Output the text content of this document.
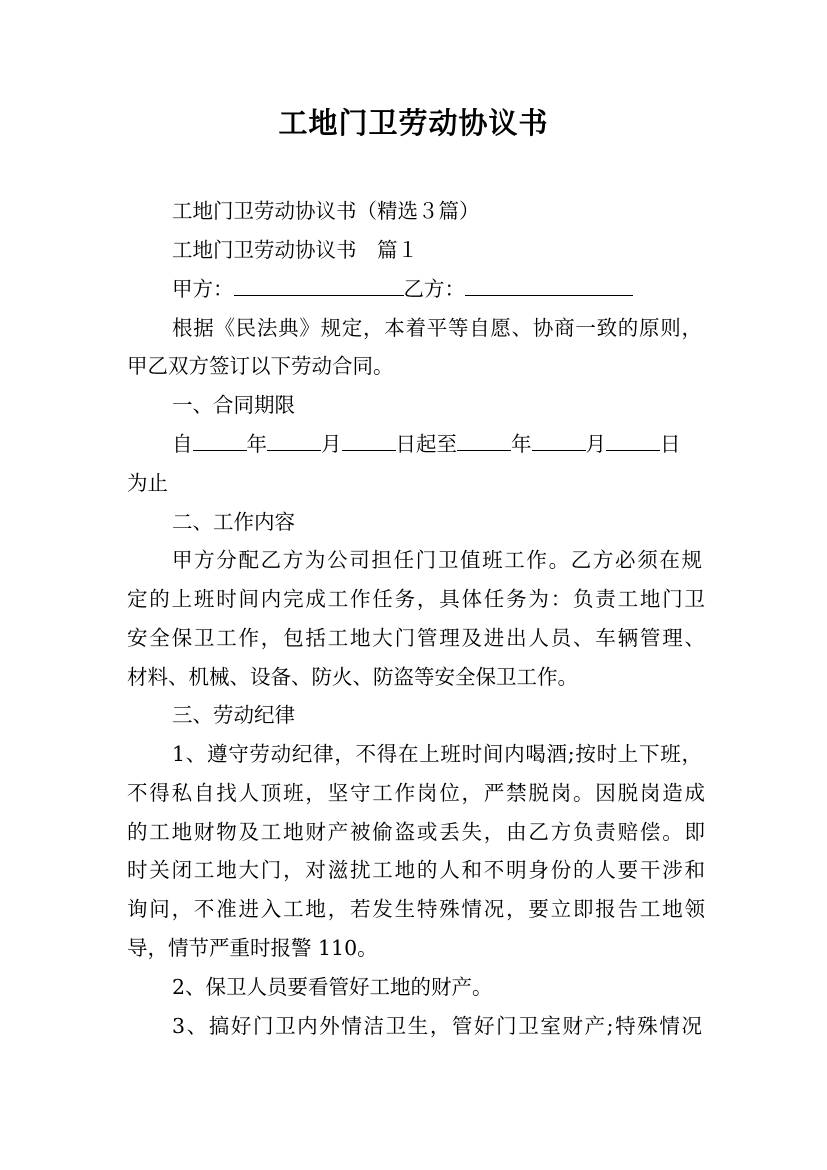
工地门卫劳动协议书
工地门卫劳动协议书（精选３篇）
工地门卫劳动协议书　篇１
甲方：	乙方：
根据《民法典》规定，本着平等自愿、协商一致的原则，
甲乙双方签订以下劳动合同。
一、合同期限
自	年	月	日起至	年	月	日
为止
二、工作内容
甲方分配乙方为公司担任门卫值班工作。乙方必须在规
定的上班时间内完成工作任务，具体任务为：负责工地门卫
安全保卫工作，包括工地大门管理及进出人员、车辆管理、
材料、机械、设备、防火、防盗等安全保卫工作。
三、劳动纪律
1、遵守劳动纪律，不得在上班时间内喝酒;按时上下班，
不得私自找人顶班，坚守工作岗位，严禁脱岗。因脱岗造成
的工地财物及工地财产被偷盗或丢失，由乙方负责赔偿。即
时关闭工地大门，对滋扰工地的人和不明身份的人要干涉和
询问，不准进入工地，若发生特殊情况，要立即报告工地领
导，情节严重时报警 110。
2、保卫人员要看管好工地的财产。
3、搞好门卫内外情洁卫生，管好门卫室财产;特殊情况
